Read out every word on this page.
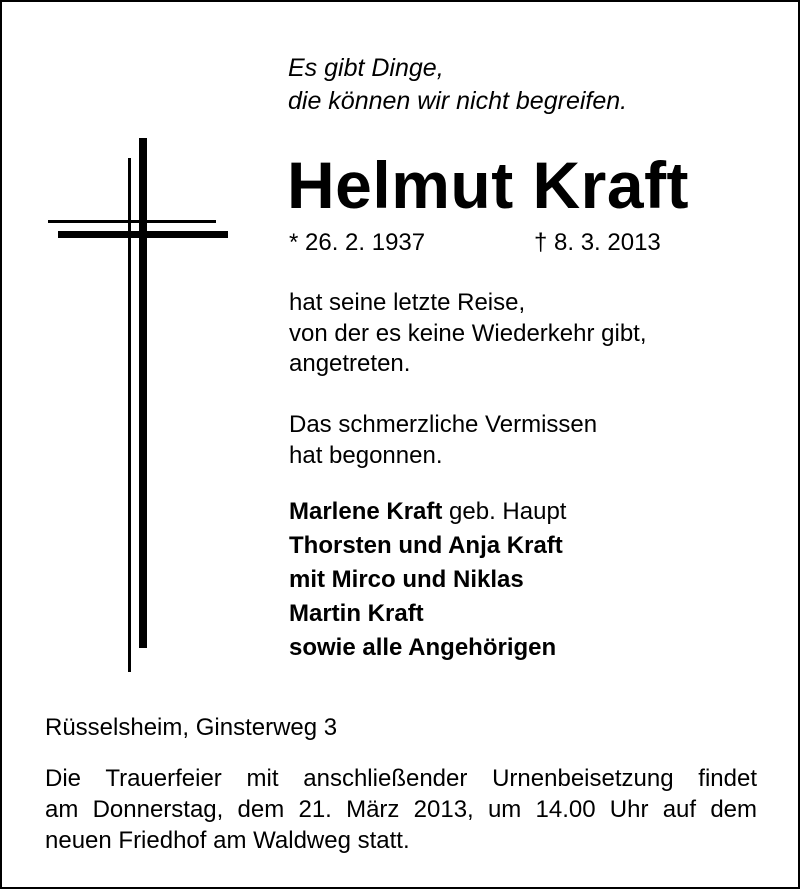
Es gibt Dinge,
die können wir nicht begreifen.
Helmut Kraft
* 26. 2. 1937	† 8. 3. 2013
hat seine letzte Reise,
von der es keine Wiederkehr gibt,
angetreten.
Das schmerzliche Vermissen
hat begonnen.
Marlene Kraft geb. Haupt
Thorsten und Anja Kraft
mit Mirco und Niklas
Martin Kraft
sowie alle Angehörigen
Rüsselsheim, Ginsterweg 3
Die Trauerfeier mit anschließender Urnenbeisetzung findet
am Donnerstag, dem 21. März 2013, um 14.00 Uhr auf dem
neuen Friedhof am Waldweg statt.
